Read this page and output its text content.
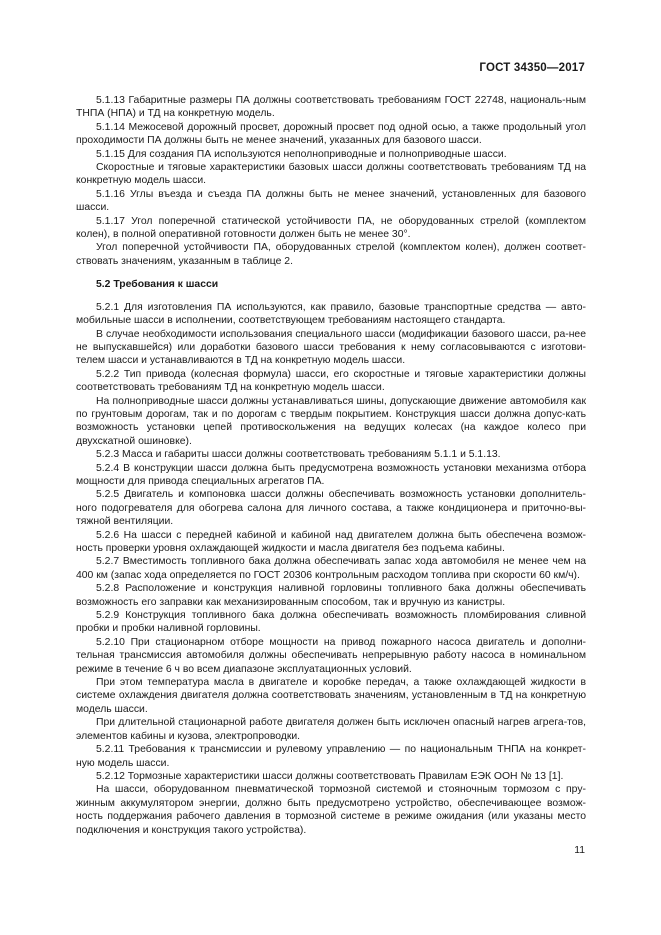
ГОСТ 34350—2017

5.1.13 Габаритные размеры ПА должны соответствовать требованиям ГОСТ 22748, националь-ным ТНПА (НПА) и ТД на конкретную модель.

5.1.14 Межосевой дорожный просвет, дорожный просвет под одной осью, а также продольный угол проходимости ПА должны быть не менее значений, указанных для базового шасси.

5.1.15 Для создания ПА используются неполноприводные и полноприводные шасси.

Скоростные и тяговые характеристики базовых шасси должны соответствовать требованиям ТД на конкретную модель шасси.

5.1.16 Углы въезда и съезда ПА должны быть не менее значений, установленных для базового шасси.

5.1.17 Угол поперечной статической устойчивости ПА, не оборудованных стрелой (комплектом колен), в полной оперативной готовности должен быть не менее 30°.

Угол поперечной устойчивости ПА, оборудованных стрелой (комплектом колен), должен соответ-ствовать значениям, указанным в таблице 2.

5.2 Требования к шасси

5.2.1 Для изготовления ПА используются, как правило, базовые транспортные средства — авто-мобильные шасси в исполнении, соответствующем требованиям настоящего стандарта.

В случае необходимости использования специального шасси (модификации базового шасси, ра-нее не выпускавшейся) или доработки базового шасси требования к нему согласовываются с изготови-телем шасси и устанавливаются в ТД на конкретную модель шасси.

5.2.2 Тип привода (колесная формула) шасси, его скоростные и тяговые характеристики должны соответствовать требованиям ТД на конкретную модель шасси.

На полноприводные шасси должны устанавливаться шины, допускающие движение автомобиля как по грунтовым дорогам, так и по дорогам с твердым покрытием. Конструкция шасси должна допус-кать возможность установки цепей противоскольжения на ведущих колесах (на каждое колесо при двухскатной ошиновке).

5.2.3 Масса и габариты шасси должны соответствовать требованиям 5.1.1 и 5.1.13.

5.2.4 В конструкции шасси должна быть предусмотрена возможность установки механизма отбора мощности для привода специальных агрегатов ПА.

5.2.5 Двигатель и компоновка шасси должны обеспечивать возможность установки дополнитель-ного подогревателя для обогрева салона для личного состава, а также кондиционера и приточно-вы-тяжной вентиляции.

5.2.6 На шасси с передней кабиной и кабиной над двигателем должна быть обеспечена возмож-ность проверки уровня охлаждающей жидкости и масла двигателя без подъема кабины.

5.2.7 Вместимость топливного бака должна обеспечивать запас хода автомобиля не менее чем на 400 км (запас хода определяется по ГОСТ 20306 контрольным расходом топлива при скорости 60 км/ч).

5.2.8 Расположение и конструкция наливной горловины топливного бака должны обеспечивать возможность его заправки как механизированным способом, так и вручную из канистры.

5.2.9 Конструкция топливного бака должна обеспечивать возможность пломбирования сливной пробки и пробки наливной горловины.

5.2.10 При стационарном отборе мощности на привод пожарного насоса двигатель и дополни-тельная трансмиссия автомобиля должны обеспечивать непрерывную работу насоса в номинальном режиме в течение 6 ч во всем диапазоне эксплуатационных условий.

При этом температура масла в двигателе и коробке передач, а также охлаждающей жидкости в системе охлаждения двигателя должна соответствовать значениям, установленным в ТД на конкретную модель шасси.

При длительной стационарной работе двигателя должен быть исключен опасный нагрев агрега-тов, элементов кабины и кузова, электропроводки.

5.2.11 Требования к трансмиссии и рулевому управлению — по национальным ТНПА на конкрет-ную модель шасси.

5.2.12 Тормозные характеристики шасси должны соответствовать Правилам ЕЭК ООН № 13 [1].

На шасси, оборудованном пневматической тормозной системой и стояночным тормозом с пру-жинным аккумулятором энергии, должно быть предусмотрено устройство, обеспечивающее возмож-ность поддержания рабочего давления в тормозной системе в режиме ожидания (или указаны место подключения и конструкция такого устройства).

11
